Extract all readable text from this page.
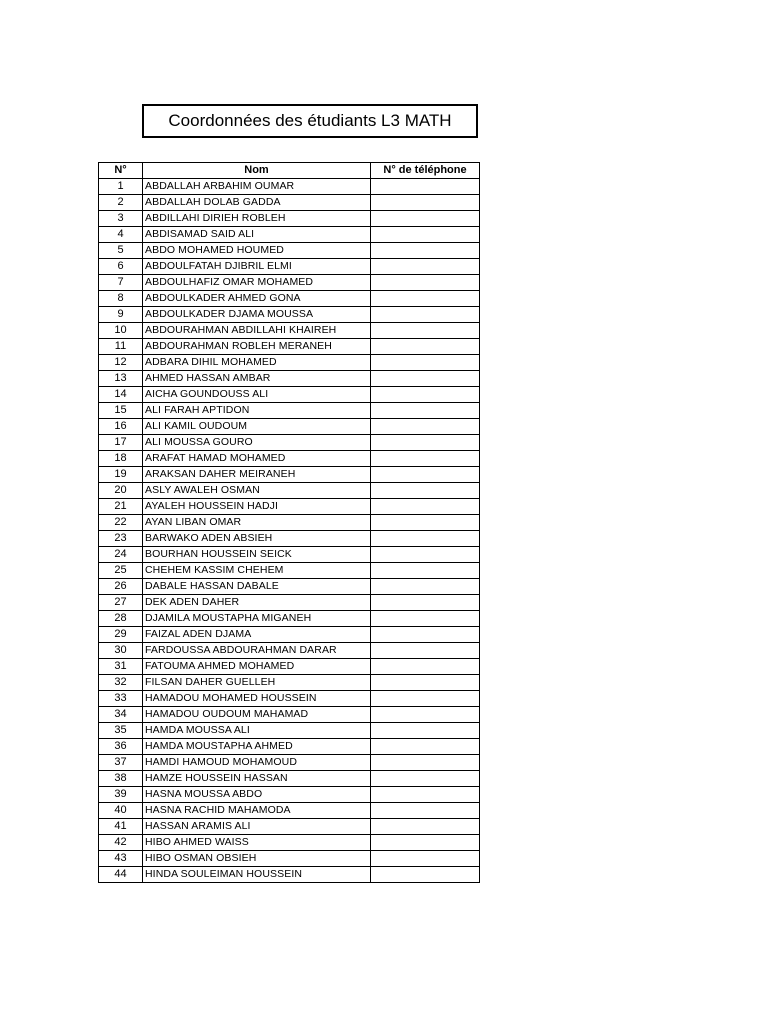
Coordonnées des étudiants L3 MATH
N°	Nom	N° de téléphone
1	ABDALLAH ARBAHIM OUMAR	
2	ABDALLAH DOLAB GADDA	
3	ABDILLAHI DIRIEH ROBLEH	
4	ABDISAMAD SAID ALI	
5	ABDO MOHAMED HOUMED	
6	ABDOULFATAH DJIBRIL ELMI	
7	ABDOULHAFIZ OMAR MOHAMED	
8	ABDOULKADER AHMED GONA	
9	ABDOULKADER DJAMA MOUSSA	
10	ABDOURAHMAN ABDILLAHI KHAIREH	
11	ABDOURAHMAN ROBLEH MERANEH	
12	ADBARA DIHIL MOHAMED	
13	AHMED HASSAN AMBAR	
14	AICHA GOUNDOUSS ALI	
15	ALI FARAH APTIDON	
16	ALI KAMIL OUDOUM	
17	ALI MOUSSA GOURO	
18	ARAFAT HAMAD MOHAMED	
19	ARAKSAN DAHER MEIRANEH	
20	ASLY AWALEH OSMAN	
21	AYALEH HOUSSEIN HADJI	
22	AYAN LIBAN OMAR	
23	BARWAKO ADEN ABSIEH	
24	BOURHAN HOUSSEIN SEICK	
25	CHEHEM KASSIM CHEHEM	
26	DABALE HASSAN DABALE	
27	DEK ADEN DAHER	
28	DJAMILA MOUSTAPHA MIGANEH	
29	FAIZAL ADEN DJAMA	
30	FARDOUSSA ABDOURAHMAN DARAR	
31	FATOUMA AHMED MOHAMED	
32	FILSAN DAHER GUELLEH	
33	HAMADOU MOHAMED HOUSSEIN	
34	HAMADOU OUDOUM MAHAMAD	
35	HAMDA MOUSSA ALI	
36	HAMDA MOUSTAPHA AHMED	
37	HAMDI HAMOUD MOHAMOUD	
38	HAMZE HOUSSEIN HASSAN	
39	HASNA MOUSSA ABDO	
40	HASNA RACHID MAHAMODA	
41	HASSAN ARAMIS ALI	
42	HIBO AHMED WAISS	
43	HIBO OSMAN OBSIEH	
44	HINDA SOULEIMAN HOUSSEIN	
